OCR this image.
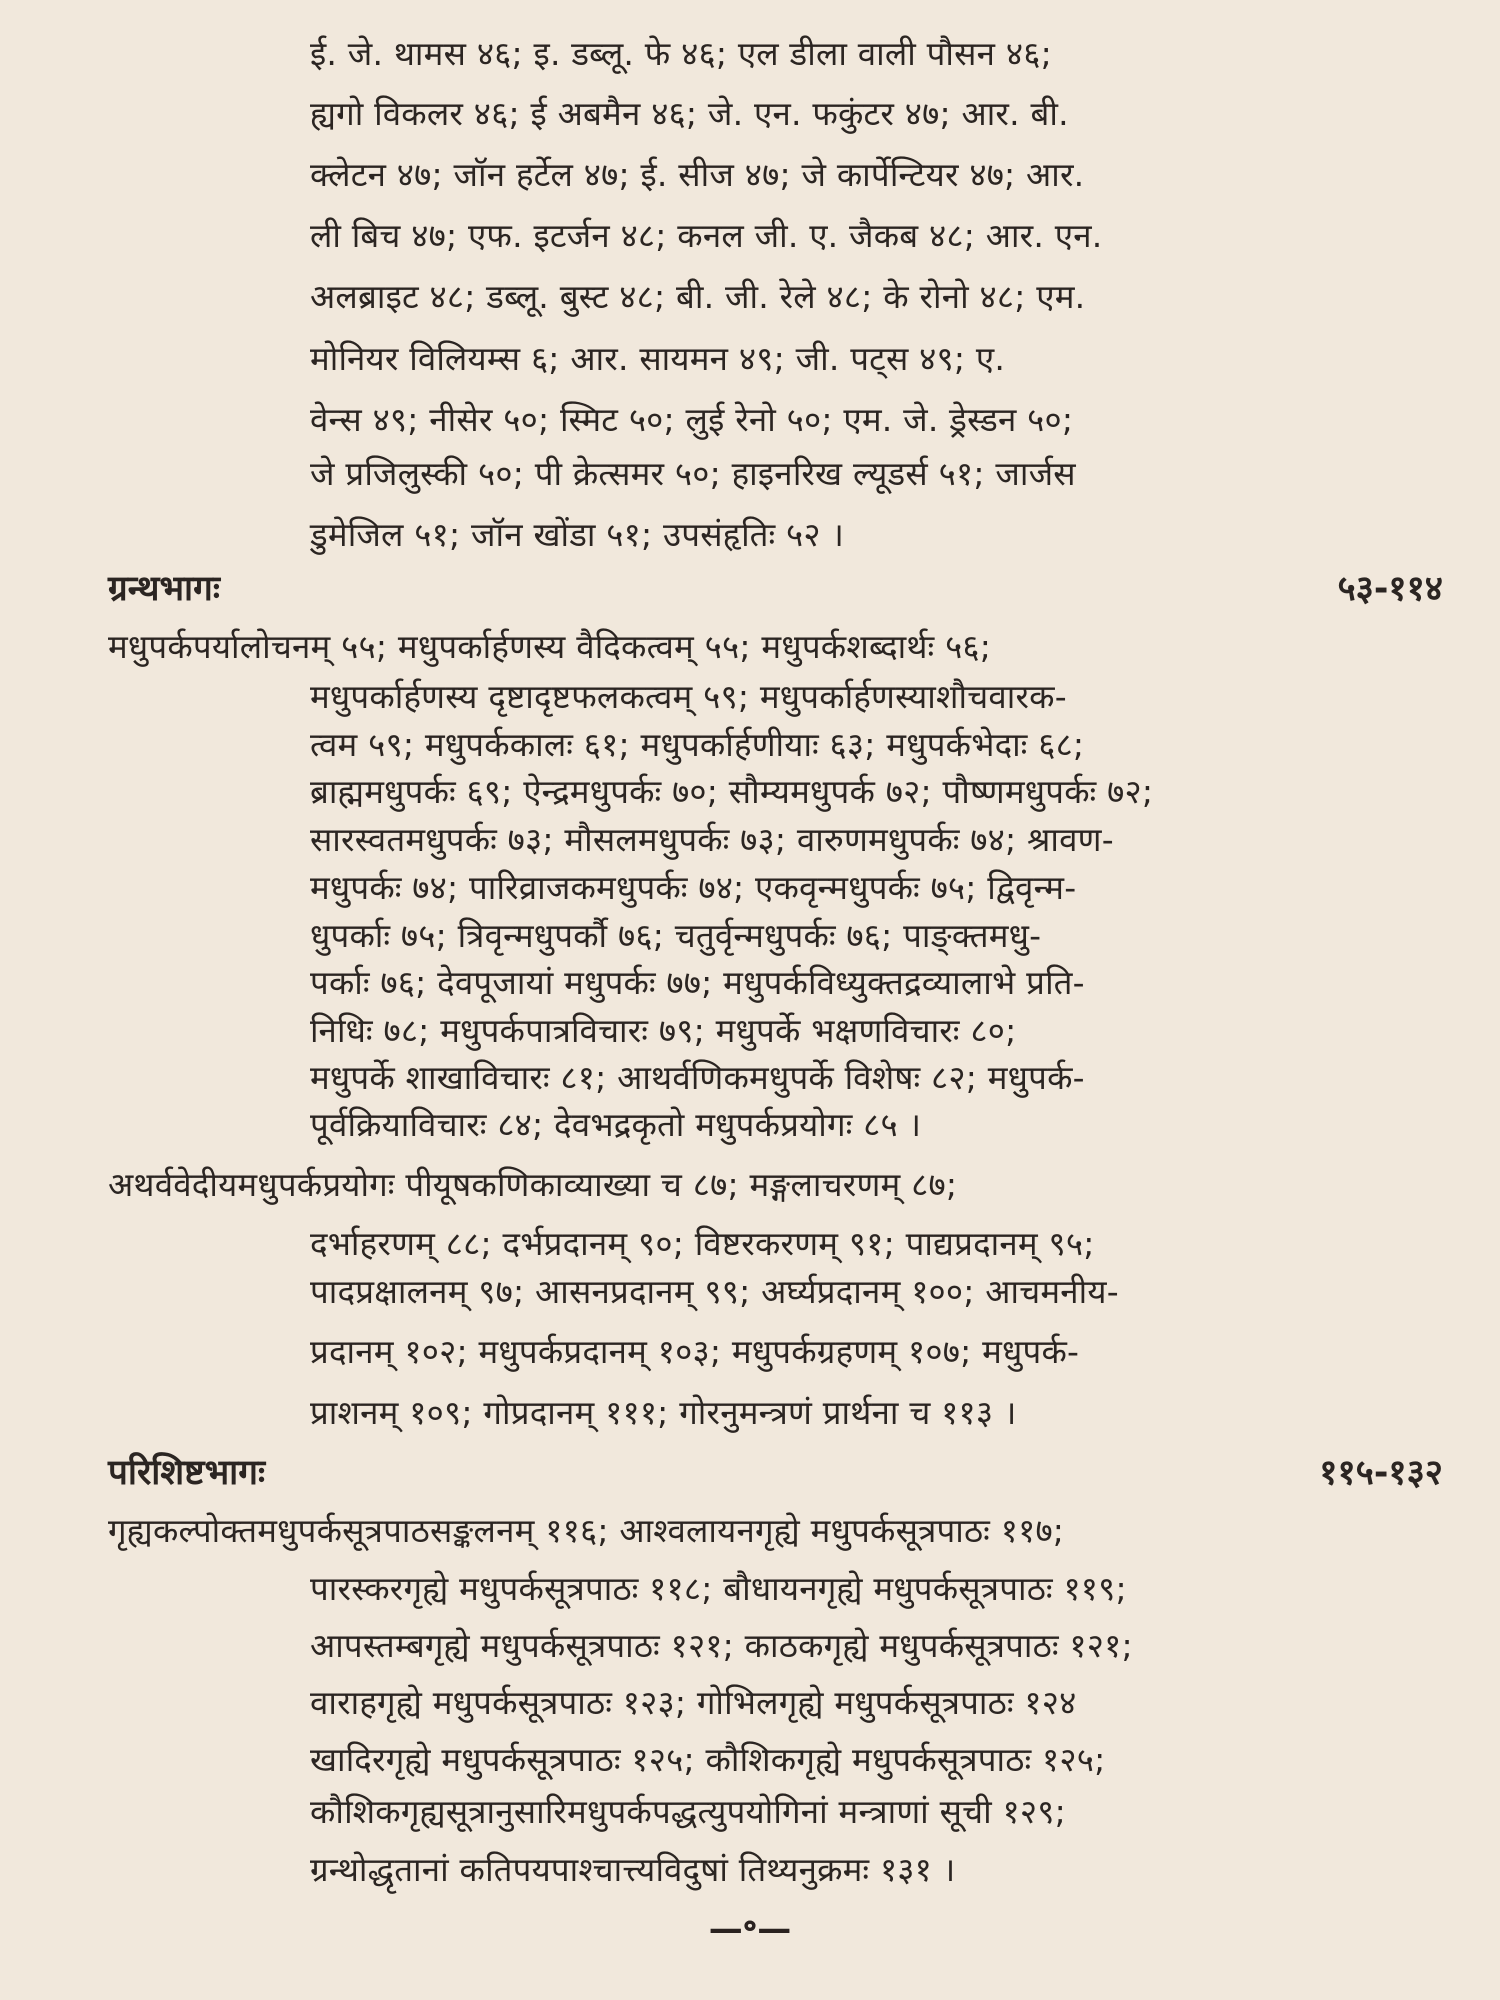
ई. जे. थामस ४६; इ. डब्लू. फे ४६; एल डीला वाली पौसन ४६;
ह्यगो विकलर ४६; ई अबमैन ४६; जे. एन. फकुंटर ४७; आर. बी.
क्लेटन ४७; जॉन हर्टेल ४७; ई. सीज ४७; जे कार्पेन्टियर ४७; आर.
ली बिच ४७; एफ. इटर्जन ४८; कनल जी. ए. जैकब ४८; आर. एन.
अलब्राइट ४८; डब्लू. बुस्ट ४८; बी. जी. रेले ४८; के रोनो ४८; एम.
मोनियर विलियम्स ६; आर. सायमन ४९; जी. पट्स ४९; ए.
वेन्स ४९; नीसेर ५०; स्मिट ५०; लुई रेनो ५०; एम. जे. ड्रेस्डन ५०;
जे प्रजिलुस्की ५०; पी क्रेत्समर ५०; हाइनरिख ल्यूडर्स ५१; जार्जस
डुमेजिल ५१; जॉन खोंडा ५१; उपसंहृतिः ५२ ।
ग्रन्थभागः	५३-११४
मधुपर्कपर्यालोचनम् ५५; मधुपर्कार्हणस्य वैदिकत्वम् ५५; मधुपर्कशब्दार्थः ५६;
मधुपर्कार्हणस्य दृष्टादृष्टफलकत्वम् ५९; मधुपर्कार्हणस्याशौचवारक-
त्वम ५९; मधुपर्ककालः ६१; मधुपर्कार्हणीयाः ६३; मधुपर्कभेदाः ६८;
ब्राह्ममधुपर्कः ६९; ऐन्द्रमधुपर्कः ७०; सौम्यमधुपर्क ७२; पौष्णमधुपर्कः ७२;
सारस्वतमधुपर्कः ७३; मौसलमधुपर्कः ७३; वारुणमधुपर्कः ७४; श्रावण-
मधुपर्कः ७४; पारिव्राजकमधुपर्कः ७४; एकवृन्मधुपर्कः ७५; द्विवृन्म-
धुपर्काः ७५; त्रिवृन्मधुपर्कौ ७६; चतुर्वृन्मधुपर्कः ७६; पाङ्क्तमधु-
पर्काः ७६; देवपूजायां मधुपर्कः ७७; मधुपर्कविध्युक्तद्रव्यालाभे प्रति-
निधिः ७८; मधुपर्कपात्रविचारः ७९; मधुपर्के भक्षणविचारः ८०;
मधुपर्के शाखाविचारः ८१; आथर्वणिकमधुपर्के विशेषः ८२; मधुपर्क-
पूर्वक्रियाविचारः ८४; देवभद्रकृतो मधुपर्कप्रयोगः ८५ ।
अथर्ववेदीयमधुपर्कप्रयोगः पीयूषकणिकाव्याख्या च ८७; मङ्गलाचरणम् ८७;
दर्भाहरणम् ८८; दर्भप्रदानम् ९०; विष्टरकरणम् ९१; पाद्यप्रदानम् ९५;
पादप्रक्षालनम् ९७; आसनप्रदानम् ९९; अर्घ्यप्रदानम् १००; आचमनीय-
प्रदानम् १०२; मधुपर्कप्रदानम् १०३; मधुपर्कग्रहणम् १०७; मधुपर्क-
प्राशनम् १०९; गोप्रदानम् १११; गोरनुमन्त्रणं प्रार्थना च ११३ ।
परिशिष्टभागः	११५-१३२
गृह्यकल्पोक्तमधुपर्कसूत्रपाठसङ्कलनम् ११६; आश्वलायनगृह्ये मधुपर्कसूत्रपाठः ११७;
पारस्करगृह्ये मधुपर्कसूत्रपाठः ११८; बौधायनगृह्ये मधुपर्कसूत्रपाठः ११९;
आपस्तम्बगृह्ये मधुपर्कसूत्रपाठः १२१; काठकगृह्ये मधुपर्कसूत्रपाठः १२१;
वाराहगृह्ये मधुपर्कसूत्रपाठः १२३; गोभिलगृह्ये मधुपर्कसूत्रपाठः १२४
खादिरगृह्ये मधुपर्कसूत्रपाठः १२५; कौशिकगृह्ये मधुपर्कसूत्रपाठः १२५;
कौशिकगृह्यसूत्रानुसारिमधुपर्कपद्धत्युपयोगिनां मन्त्राणां सूची १२९;
ग्रन्थोद्धृतानां कतिपयपाश्चात्त्यविदुषां तिथ्यनुक्रमः १३१ ।
—॰—
